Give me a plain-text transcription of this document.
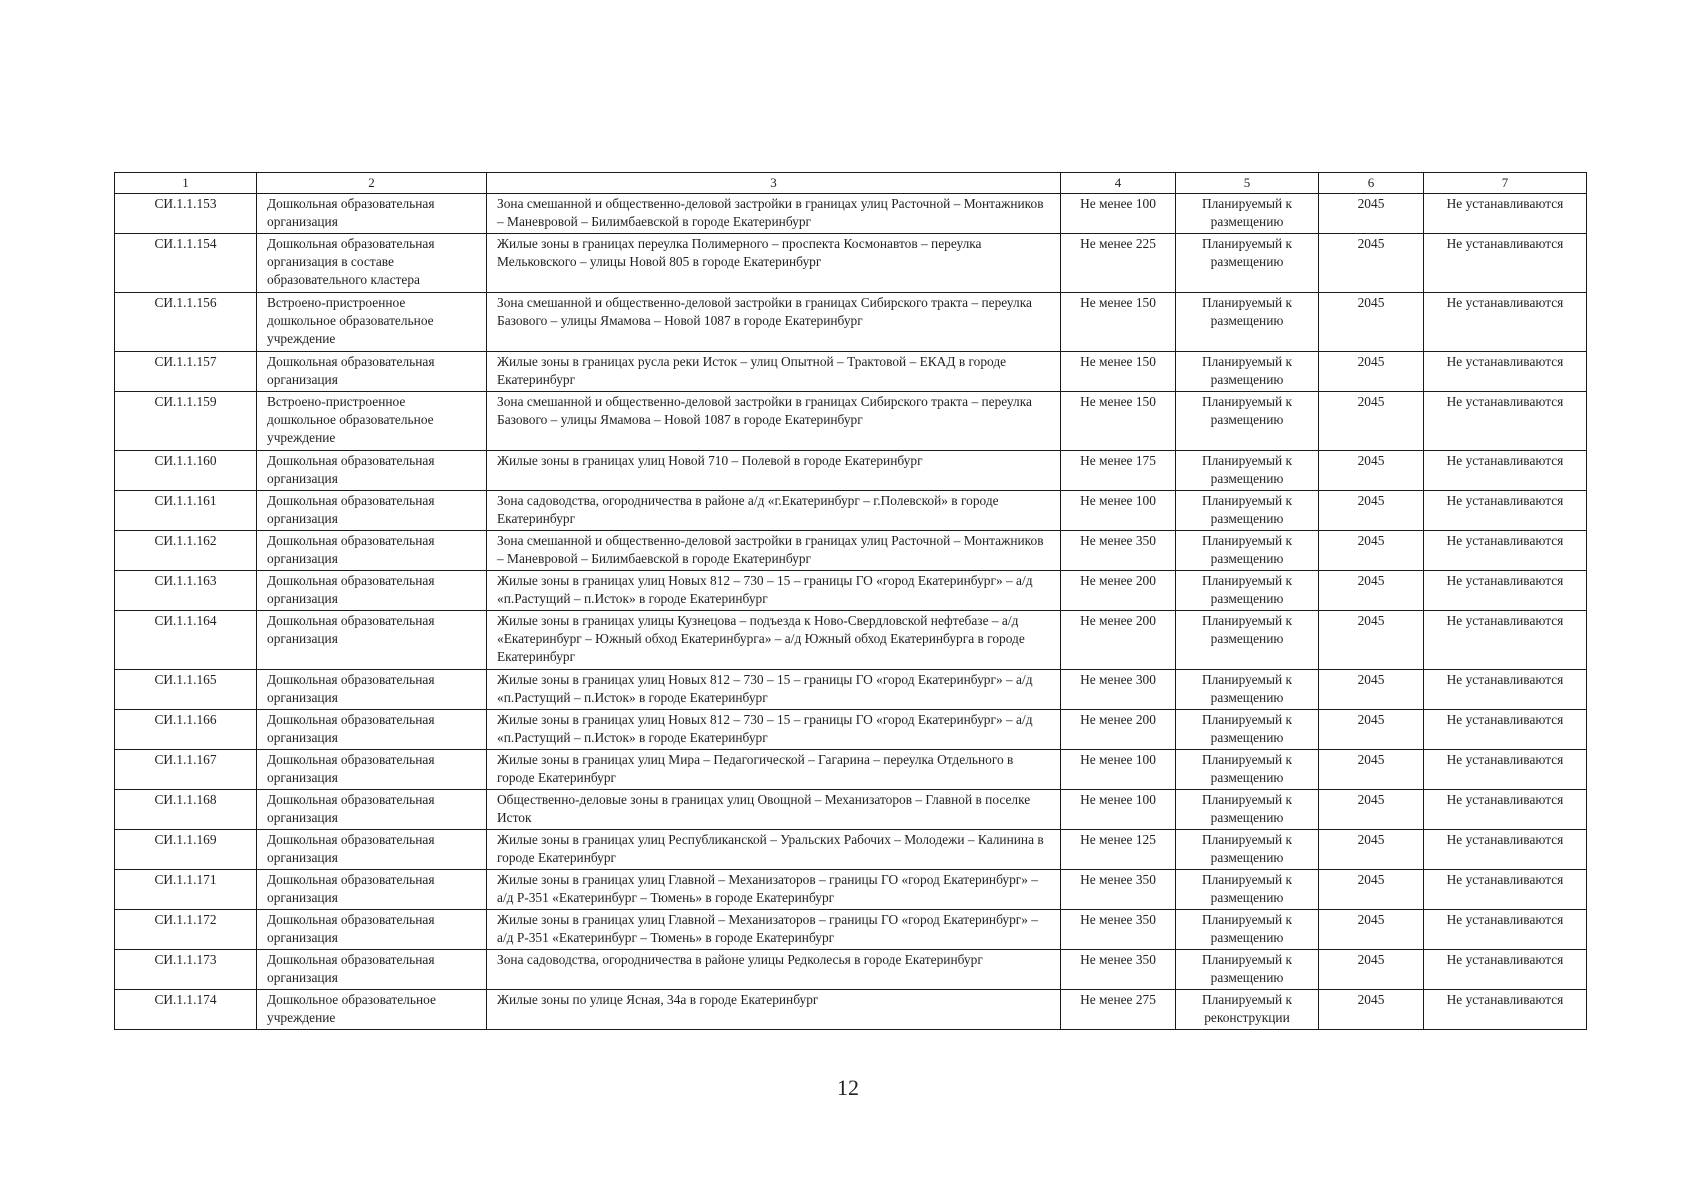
1	2	3	4	5	6	7
СИ.1.1.153	Дошкольная образовательная организация	Зона смешанной и общественно-деловой застройки в границах улиц Расточной – Монтажников – Маневровой – Билимбаевской в городе Екатеринбург	Не менее 100	Планируемый к размещению	2045	Не устанавливаются
СИ.1.1.154	Дошкольная образовательная организация в составе образовательного кластера	Жилые зоны в границах переулка Полимерного – проспекта Космонавтов – переулка Мельковского – улицы Новой 805 в городе Екатеринбург	Не менее 225	Планируемый к размещению	2045	Не устанавливаются
СИ.1.1.156	Встроено-пристроенное дошкольное образовательное учреждение	Зона смешанной и общественно-деловой застройки в границах Сибирского тракта – переулка Базового – улицы Ямамова – Новой 1087 в городе Екатеринбург	Не менее 150	Планируемый к размещению	2045	Не устанавливаются
СИ.1.1.157	Дошкольная образовательная организация	Жилые зоны в границах русла реки Исток – улиц Опытной – Трактовой – ЕКАД в городе Екатеринбург	Не менее 150	Планируемый к размещению	2045	Не устанавливаются
СИ.1.1.159	Встроено-пристроенное дошкольное образовательное учреждение	Зона смешанной и общественно-деловой застройки в границах Сибирского тракта – переулка Базового – улицы Ямамова – Новой 1087 в городе Екатеринбург	Не менее 150	Планируемый к размещению	2045	Не устанавливаются
СИ.1.1.160	Дошкольная образовательная организация	Жилые зоны в границах улиц Новой 710 – Полевой в городе Екатеринбург	Не менее 175	Планируемый к размещению	2045	Не устанавливаются
СИ.1.1.161	Дошкольная образовательная организация	Зона садоводства, огородничества в районе а/д «г.Екатеринбург – г.Полевской» в городе Екатеринбург	Не менее 100	Планируемый к размещению	2045	Не устанавливаются
СИ.1.1.162	Дошкольная образовательная организация	Зона смешанной и общественно-деловой застройки в границах улиц Расточной – Монтажников – Маневровой – Билимбаевской в городе Екатеринбург	Не менее 350	Планируемый к размещению	2045	Не устанавливаются
СИ.1.1.163	Дошкольная образовательная организация	Жилые зоны в границах улиц Новых 812 – 730 – 15 – границы ГО «город Екатеринбург» – а/д «п.Растущий – п.Исток» в городе Екатеринбург	Не менее 200	Планируемый к размещению	2045	Не устанавливаются
СИ.1.1.164	Дошкольная образовательная организация	Жилые зоны в границах улицы Кузнецова – подъезда к Ново-Свердловской нефтебазе – а/д «Екатеринбург – Южный обход Екатеринбурга» – а/д Южный обход Екатеринбурга в городе Екатеринбург	Не менее 200	Планируемый к размещению	2045	Не устанавливаются
СИ.1.1.165	Дошкольная образовательная организация	Жилые зоны в границах улиц Новых 812 – 730 – 15 – границы ГО «город Екатеринбург» – а/д «п.Растущий – п.Исток» в городе Екатеринбург	Не менее 300	Планируемый к размещению	2045	Не устанавливаются
СИ.1.1.166	Дошкольная образовательная организация	Жилые зоны в границах улиц Новых 812 – 730 – 15 – границы ГО «город Екатеринбург» – а/д «п.Растущий – п.Исток» в городе Екатеринбург	Не менее 200	Планируемый к размещению	2045	Не устанавливаются
СИ.1.1.167	Дошкольная образовательная организация	Жилые зоны в границах улиц Мира – Педагогической – Гагарина – переулка Отдельного в городе Екатеринбург	Не менее 100	Планируемый к размещению	2045	Не устанавливаются
СИ.1.1.168	Дошкольная образовательная организация	Общественно-деловые зоны в границах улиц Овощной – Механизаторов – Главной в поселке Исток	Не менее 100	Планируемый к размещению	2045	Не устанавливаются
СИ.1.1.169	Дошкольная образовательная организация	Жилые зоны в границах улиц Республиканской – Уральских Рабочих – Молодежи – Калинина в городе Екатеринбург	Не менее 125	Планируемый к размещению	2045	Не устанавливаются
СИ.1.1.171	Дошкольная образовательная организация	Жилые зоны в границах улиц Главной – Механизаторов – границы ГО «город Екатеринбург» – а/д Р-351 «Екатеринбург – Тюмень» в городе Екатеринбург	Не менее 350	Планируемый к размещению	2045	Не устанавливаются
СИ.1.1.172	Дошкольная образовательная организация	Жилые зоны в границах улиц Главной – Механизаторов – границы ГО «город Екатеринбург» – а/д Р-351 «Екатеринбург – Тюмень» в городе Екатеринбург	Не менее 350	Планируемый к размещению	2045	Не устанавливаются
СИ.1.1.173	Дошкольная образовательная организация	Зона садоводства, огородничества в районе улицы Редколесья в городе Екатеринбург	Не менее 350	Планируемый к размещению	2045	Не устанавливаются
СИ.1.1.174	Дошкольное образовательное учреждение	Жилые зоны по улице Ясная, 34а в городе Екатеринбург	Не менее 275	Планируемый к реконструкции	2045	Не устанавливаются
12
